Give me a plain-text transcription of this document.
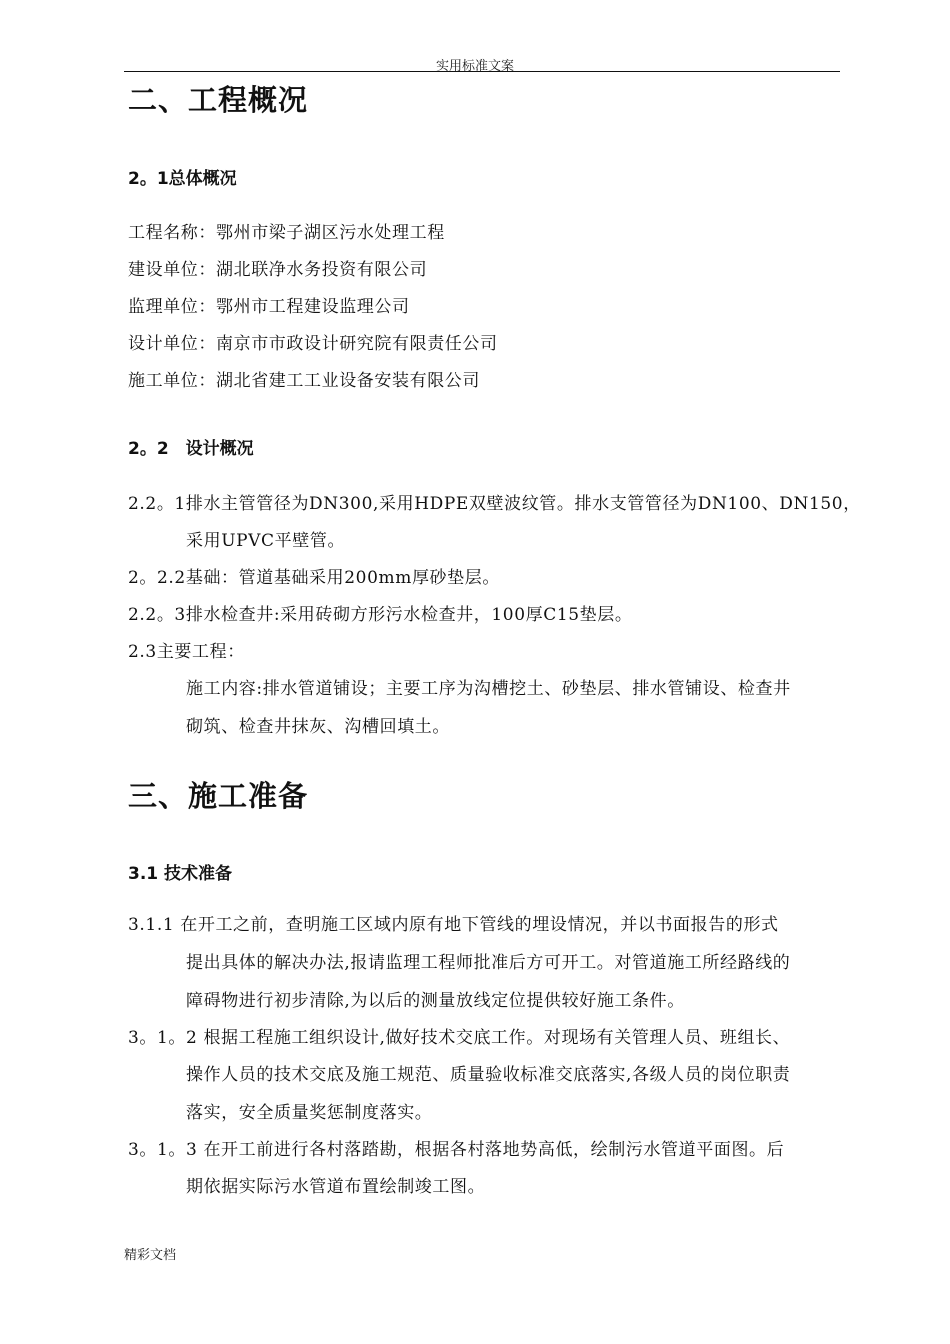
实用标准文案
二、工程概况
2。1总体概况
工程名称：鄂州市梁子湖区污水处理工程
建设单位：湖北联净水务投资有限公司
监理单位：鄂州市工程建设监理公司
设计单位：南京市市政设计研究院有限责任公司
施工单位：湖北省建工工业设备安装有限公司
2。2　设计概况
2.2。1排水主管管径为DN300,采用HDPE双壁波纹管。排水支管管径为DN100、DN150，
采用UPVC平壁管。
2。2.2基础：管道基础采用200mm厚砂垫层。
2.2。3排水检查井:采用砖砌方形污水检查井，100厚C15垫层。
2.3主要工程：
施工内容:排水管道铺设；主要工序为沟槽挖土、砂垫层、排水管铺设、检查井
砌筑、检查井抹灰、沟槽回填土。
三、施工准备
3.1 技术准备
3.1.1 在开工之前，查明施工区域内原有地下管线的埋设情况，并以书面报告的形式
提出具体的解决办法,报请监理工程师批准后方可开工。对管道施工所经路线的
障碍物进行初步清除,为以后的测量放线定位提供较好施工条件。
3。1。2 根据工程施工组织设计,做好技术交底工作。对现场有关管理人员、班组长、
操作人员的技术交底及施工规范、质量验收标准交底落实,各级人员的岗位职责
落实，安全质量奖惩制度落实。
3。1。3 在开工前进行各村落踏勘，根据各村落地势高低，绘制污水管道平面图。后
期依据实际污水管道布置绘制竣工图。
精彩文档
